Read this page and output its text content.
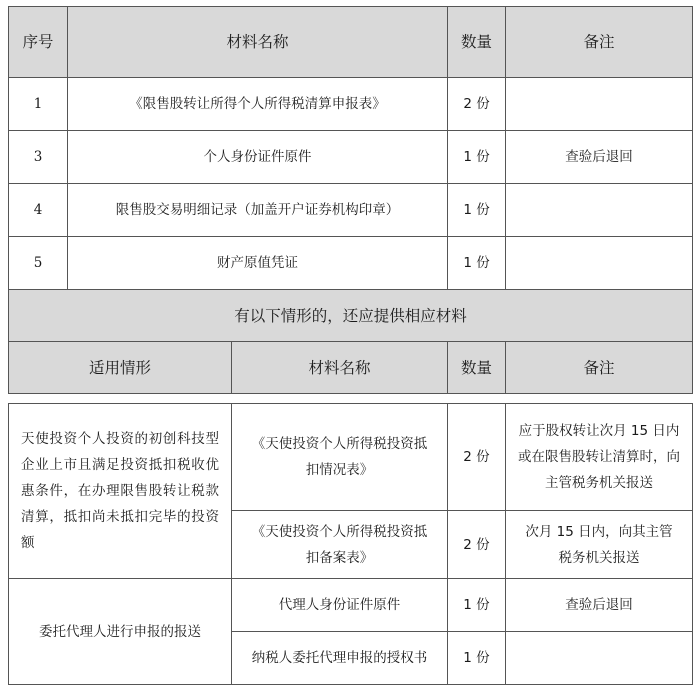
序号	材料名称		数量	备注
1	《限售股转让所得个人所得税清算申报表》		2 份	
3	个人身份证件原件		1 份	查验后退回
4	限售股交易明细记录（加盖开户证券机构印章）		1 份	
5	财产原值凭证		1 份	
有以下情形的，还应提供相应材料				
适用情形		材料名称	数量	备注
天使投资个人投资的初创科技型企业上市且满足投资抵扣税收优惠条件，在办理限售股转让税款清算，抵扣尚未抵扣完毕的投资额	《天使投资个人所得税投资抵扣情况表》	2 份	应于股权转让次月 15 日内或在限售股转让清算时，向主管税务机关报送
	《天使投资个人所得税投资抵扣备案表》	2 份	次月 15 日内，向其主管税务机关报送
委托代理人进行申报的报送	代理人身份证件原件	1 份	查验后退回
	纳税人委托代理申报的授权书	1 份	
